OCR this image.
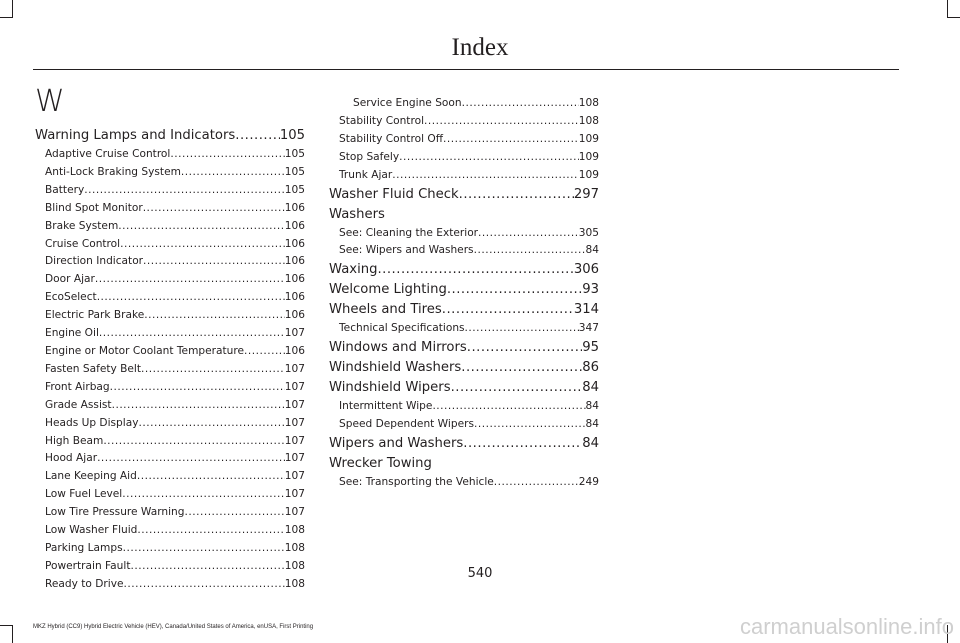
Index
W
Warning Lamps and Indicators .....	105
Adaptive Cruise Control .....	105
Anti-Lock Braking System .....	105
Battery .....	105
Blind Spot Monitor .....	106
Brake System .....	106
Cruise Control .....	106
Direction Indicator .....	106
Door Ajar .....	106
EcoSelect .....	106
Electric Park Brake .....	106
Engine Oil .....	107
Engine or Motor Coolant Temperature .....	106
Fasten Safety Belt .....	107
Front Airbag .....	107
Grade Assist .....	107
Heads Up Display .....	107
High Beam .....	107
Hood Ajar .....	107
Lane Keeping Aid .....	107
Low Fuel Level .....	107
Low Tire Pressure Warning .....	107
Low Washer Fluid .....	108
Parking Lamps .....	108
Powertrain Fault .....	108
Ready to Drive .....	108
Service Engine Soon .....	108
Stability Control .....	108
Stability Control Off .....	109
Stop Safely .....	109
Trunk Ajar .....	109
Washer Fluid Check .....	297
Washers
See: Cleaning the Exterior .....	305
See: Wipers and Washers .....	84
Waxing .....	306
Welcome Lighting .....	93
Wheels and Tires .....	314
Technical Specifications .....	347
Windows and Mirrors .....	95
Windshield Washers .....	86
Windshield Wipers .....	84
Intermittent Wipe .....	84
Speed Dependent Wipers .....	84
Wipers and Washers .....	84
Wrecker Towing
See: Transporting the Vehicle .....	249
540
MKZ Hybrid (CC9) Hybrid Electric Vehicle (HEV), Canada/United States of America, enUSA, First Printing	carmanualsonline.info
